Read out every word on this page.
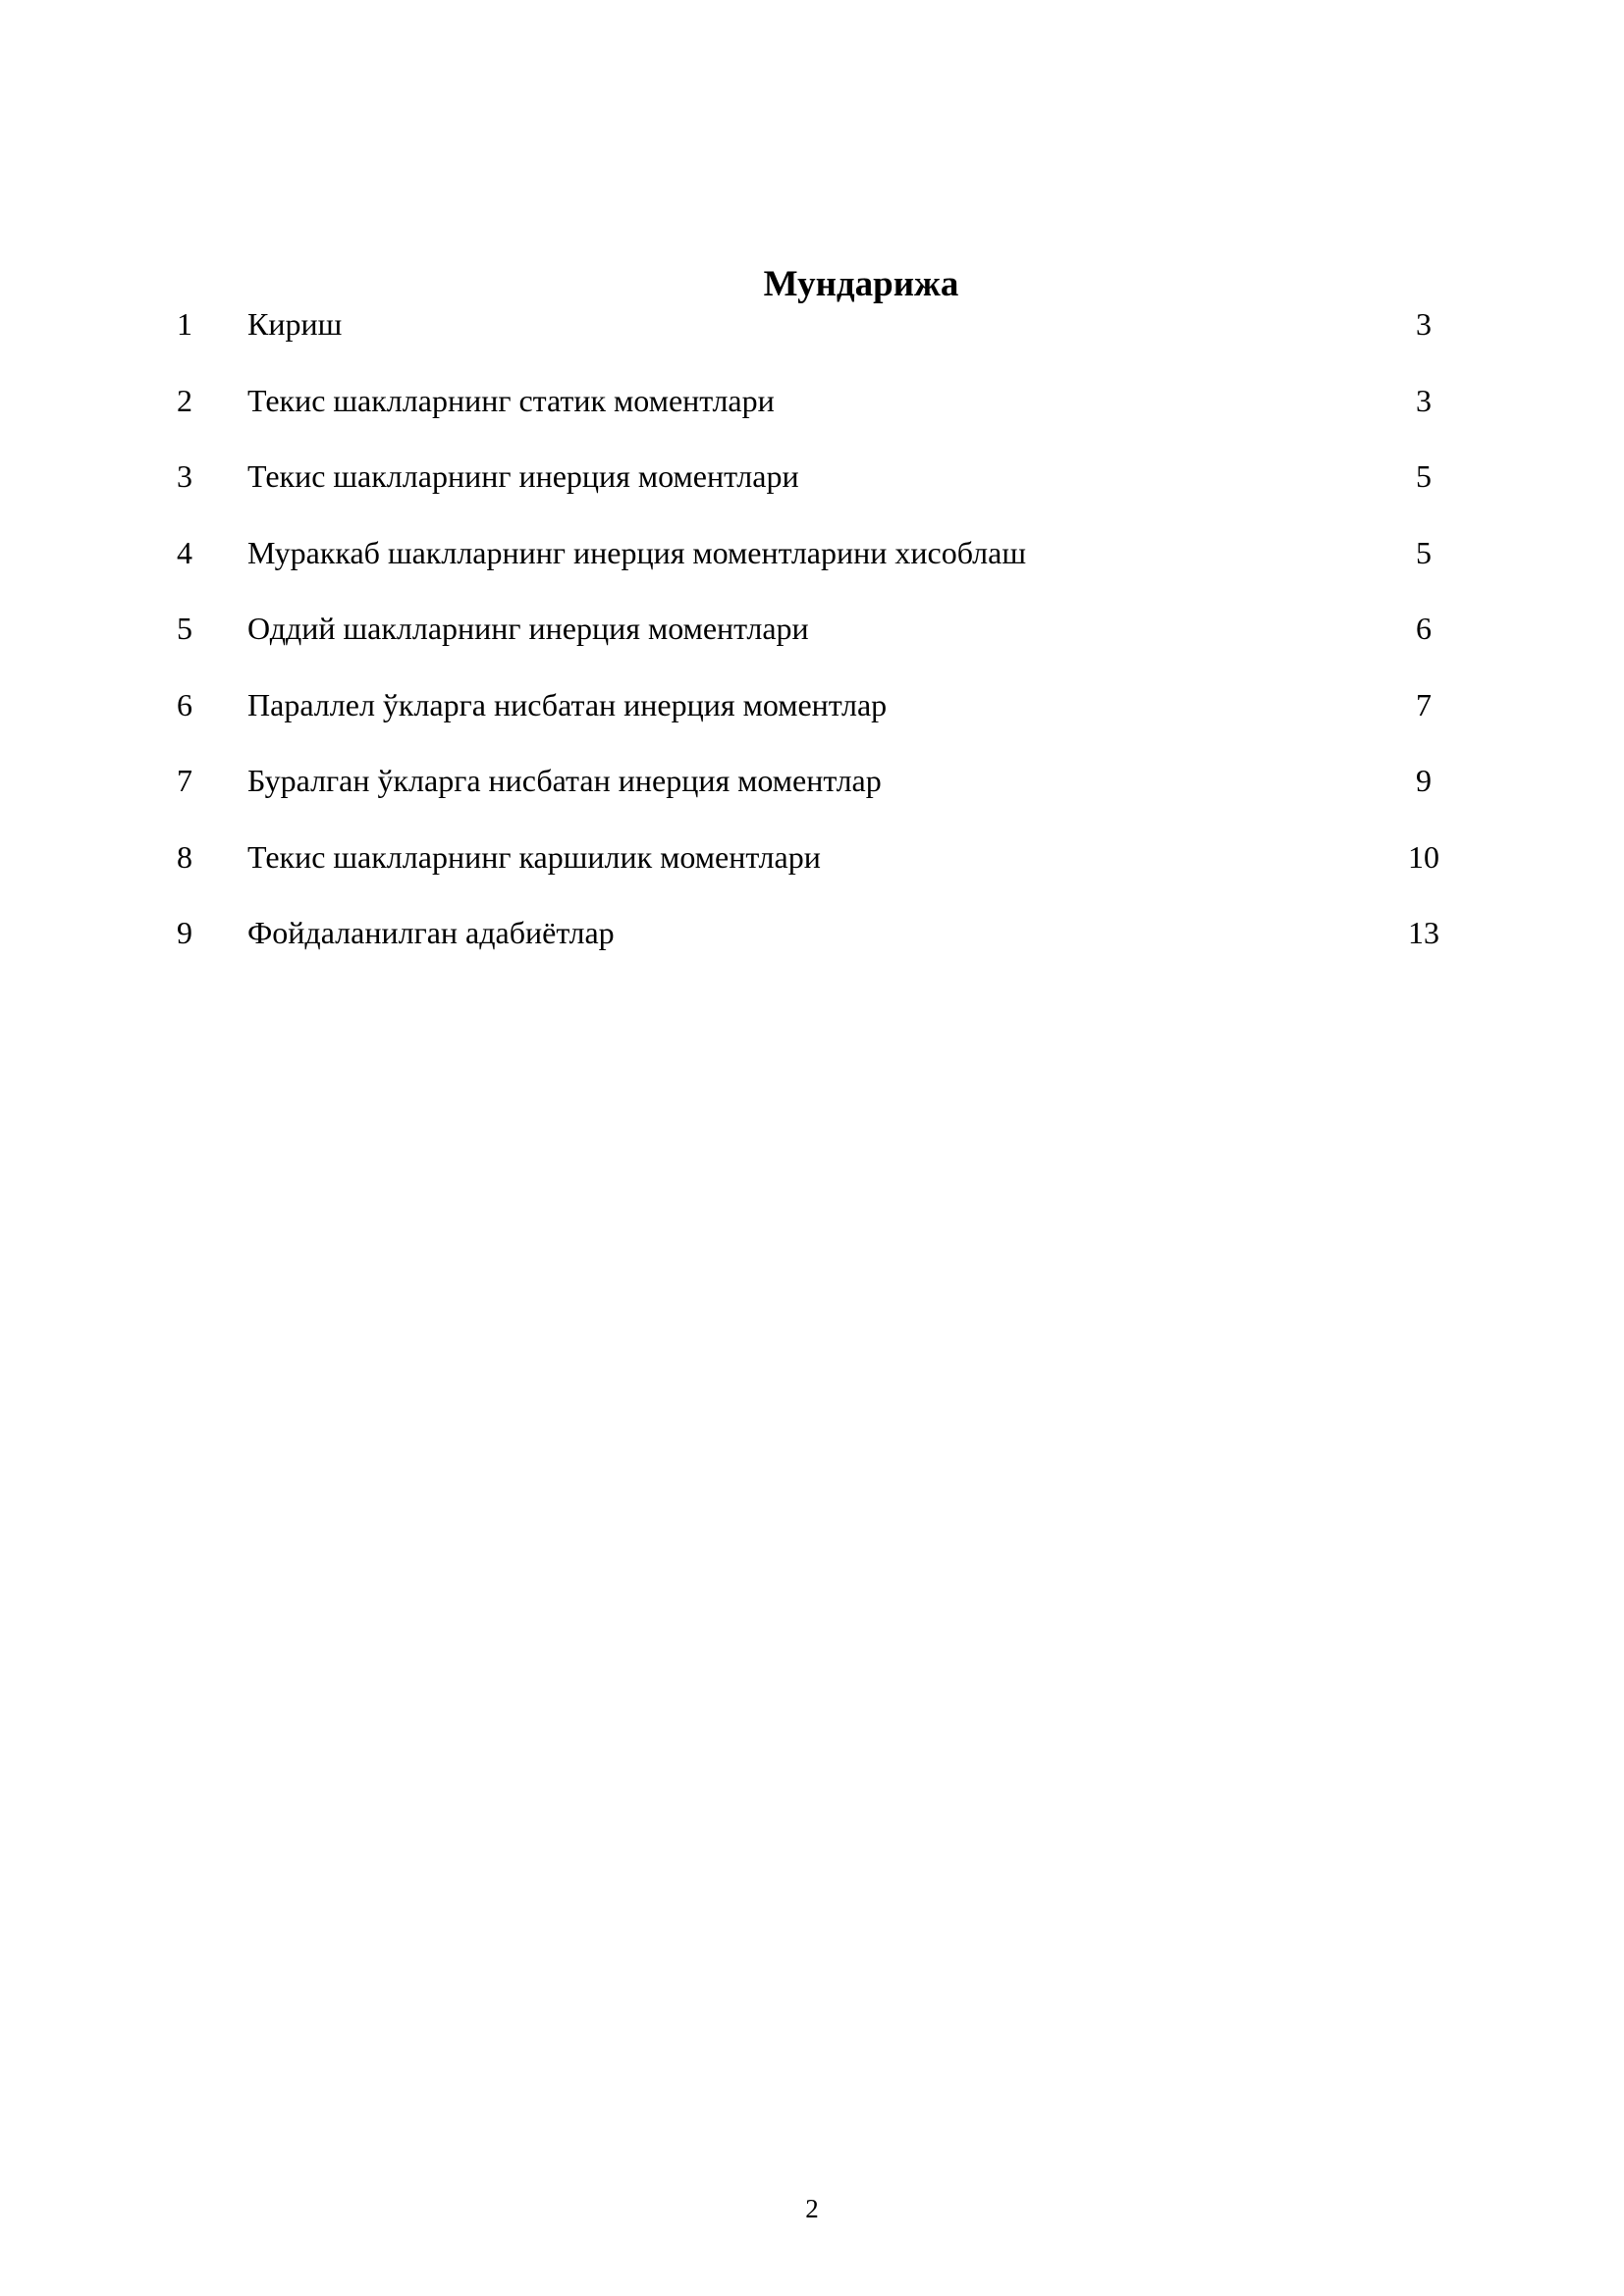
Мундарижа
1 Кириш	3
2 Текис шаклларнинг статик моментлари	3
3 Текис шаклларнинг инерция моментлари	5
4 Мураккаб шаклларнинг инерция моментларини хисоблаш	5
5 Оддий шаклларнинг инерция моментлари	6
6 Параллел ўкларга нисбатан инерция моментлар	7
7 Буралган ўкларга нисбатан инерция моментлар	9
8 Текис шаклларнинг каршилик моментлари	10
9 Фойдаланилган адабиётлар	13
2
